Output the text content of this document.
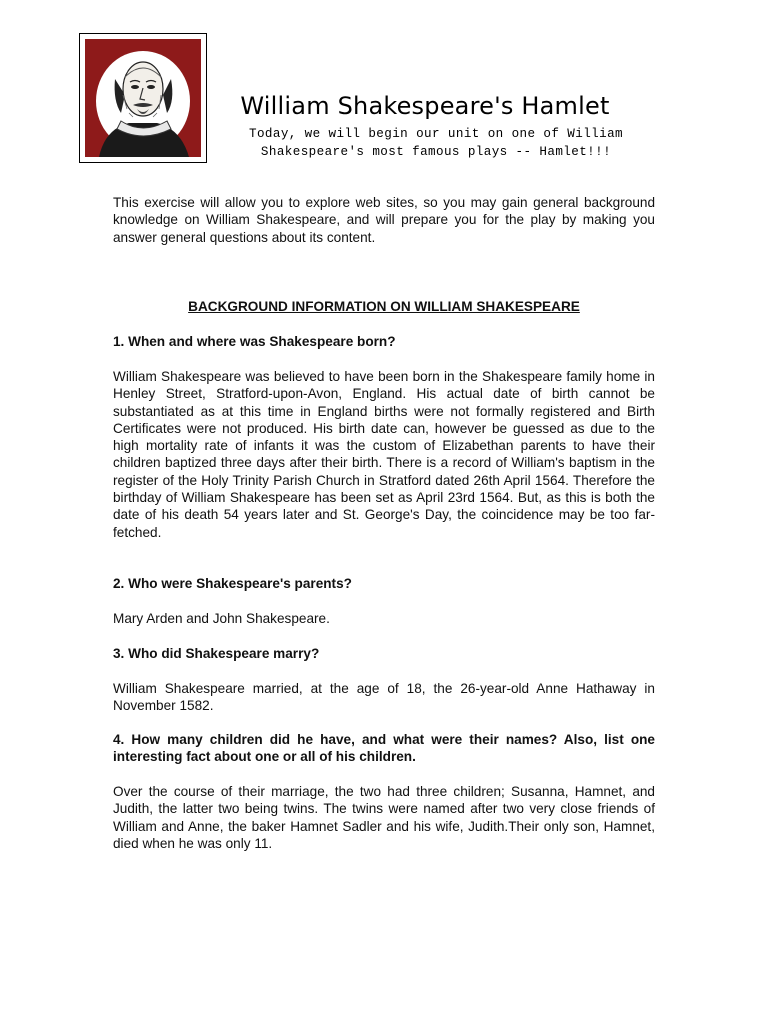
William Shakespeare's Hamlet
Today, we will begin our unit on one of William
Shakespeare's most famous plays -- Hamlet!!!

This exercise will allow you to explore web sites, so you may gain general background knowledge on William Shakespeare, and will prepare you for the play by making you answer general questions about its content.

BACKGROUND INFORMATION ON WILLIAM SHAKESPEARE

1. When and where was Shakespeare born?

William Shakespeare was believed to have been born in the Shakespeare family home in Henley Street, Stratford-upon-Avon, England. His actual date of birth cannot be substantiated as at this time in England births were not formally registered and Birth Certificates were not produced. His birth date can, however be guessed as due to the high mortality rate of infants it was the custom of Elizabethan parents to have their children baptized three days after their birth. There is a record of William's baptism in the register of the Holy Trinity Parish Church in Stratford dated 26th April 1564. Therefore the birthday of William Shakespeare has been set as April 23rd 1564. But, as this is both the date of his death 54 years later and St. George's Day, the coincidence may be too far-fetched.

2. Who were Shakespeare's parents?

Mary Arden and John Shakespeare.

3. Who did Shakespeare marry?

William Shakespeare married, at the age of 18, the 26-year-old Anne Hathaway in November 1582.

4. How many children did he have, and what were their names? Also, list one interesting fact about one or all of his children.

Over the course of their marriage, the two had three children; Susanna, Hamnet, and Judith, the latter two being twins. The twins were named after two very close friends of William and Anne, the baker Hamnet Sadler and his wife, Judith.Their only son, Hamnet, died when he was only 11.
